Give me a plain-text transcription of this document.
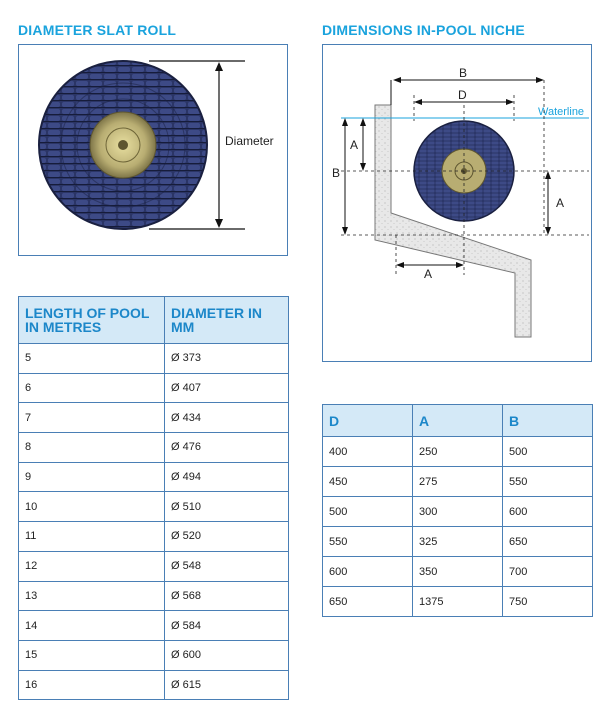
DIAMETER SLAT ROLL	DIMENSIONS IN-POOL NICHE
Diameter
Waterline
B
D
A
B
A
A
LENGTH OF POOL IN METRES	DIAMETER IN MM
5	Ø 373
6	Ø 407
7	Ø 434
8	Ø 476
9	Ø 494
10	Ø 510
11	Ø 520
12	Ø 548
13	Ø 568
14	Ø 584
15	Ø 600
16	Ø 615
D	A	B
400	250	500
450	275	550
500	300	600
550	325	650
600	350	700
650	1375	750
